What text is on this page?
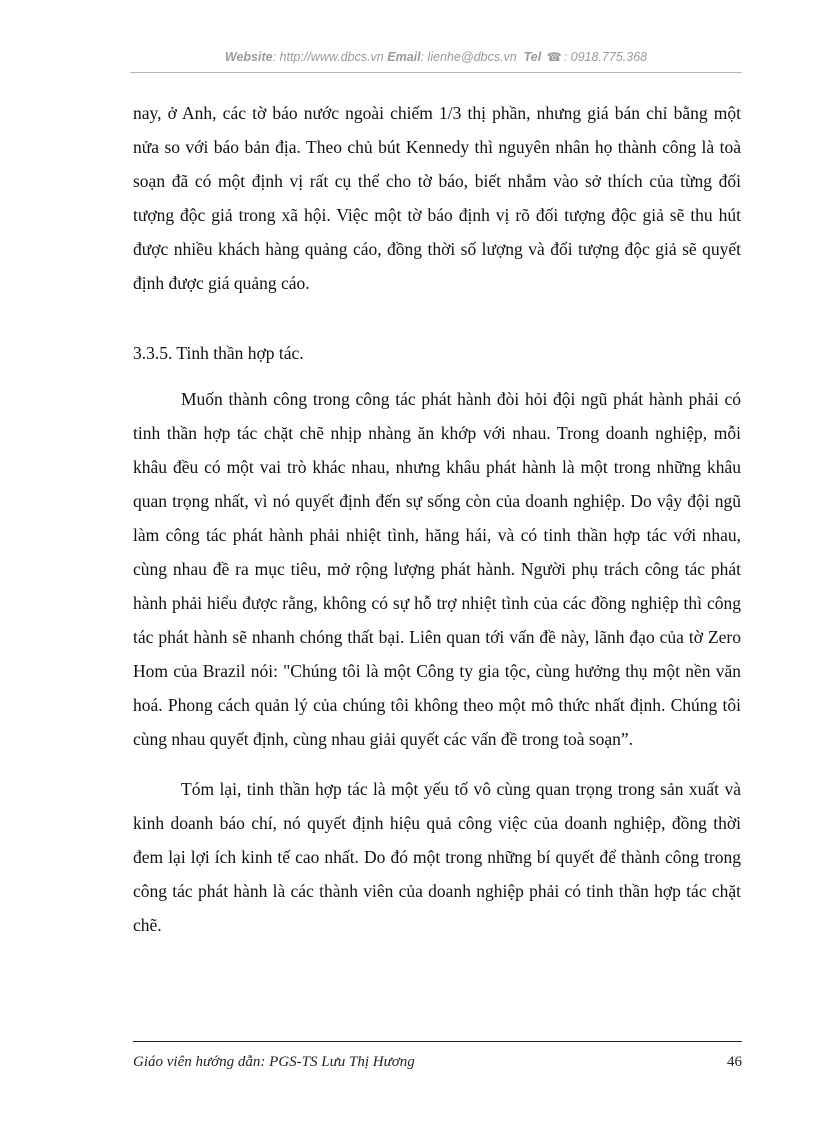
Website: http://www.dbcs.vn Email: lienhe@dbcs.vn Tel ☎ : 0918.775.368

nay, ở Anh, các tờ báo nước ngoài chiếm 1/3 thị phần, nhưng giá bán chỉ bằng một nửa so với báo bản địa. Theo chủ bút Kennedy thì nguyên nhân họ thành công là toà soạn đã có một định vị rất cụ thể cho tờ báo, biết nhắm vào sở thích của từng đối tượng độc giả trong xã hội. Việc một tờ báo định vị rõ đối tượng độc giả sẽ thu hút được nhiều khách hàng quảng cáo, đồng thời số lượng và đối tượng độc giả sẽ quyết định được giá quảng cáo.

3.3.5. Tinh thần hợp tác.

Muốn thành công trong công tác phát hành đòi hỏi đội ngũ phát hành phải có tinh thần hợp tác chặt chẽ nhịp nhàng ăn khớp với nhau. Trong doanh nghiệp, mỗi khâu đều có một vai trò khác nhau, nhưng khâu phát hành là một trong những khâu quan trọng nhất, vì nó quyết định đến sự sống còn của doanh nghiệp. Do vậy đội ngũ làm công tác phát hành phải nhiệt tình, hăng hái, và có tinh thần hợp tác với nhau, cùng nhau đề ra mục tiêu, mở rộng lượng phát hành. Người phụ trách công tác phát hành phải hiểu được rằng, không có sự hỗ trợ nhiệt tình của các đồng nghiệp thì công tác phát hành sẽ nhanh chóng thất bại. Liên quan tới vấn đề này, lãnh đạo của tờ Zero Hom của Brazil nói: "Chúng tôi là một Công ty gia tộc, cùng hưởng thụ một nền văn hoá. Phong cách quản lý của chúng tôi không theo một mô thức nhất định. Chúng tôi cùng nhau quyết định, cùng nhau giải quyết các vấn đề trong toà soạn”.

Tóm lại, tinh thần hợp tác là một yếu tố vô cùng quan trọng trong sản xuất và kinh doanh báo chí, nó quyết định hiệu quả công việc của doanh nghiệp, đồng thời đem lại lợi ích kinh tế cao nhất. Do đó một trong những bí quyết để thành công trong công tác phát hành là các thành viên của doanh nghiệp phải có tinh thần hợp tác chặt chẽ.

Giáo viên hướng dẫn: PGS-TS Lưu Thị Hương	46
